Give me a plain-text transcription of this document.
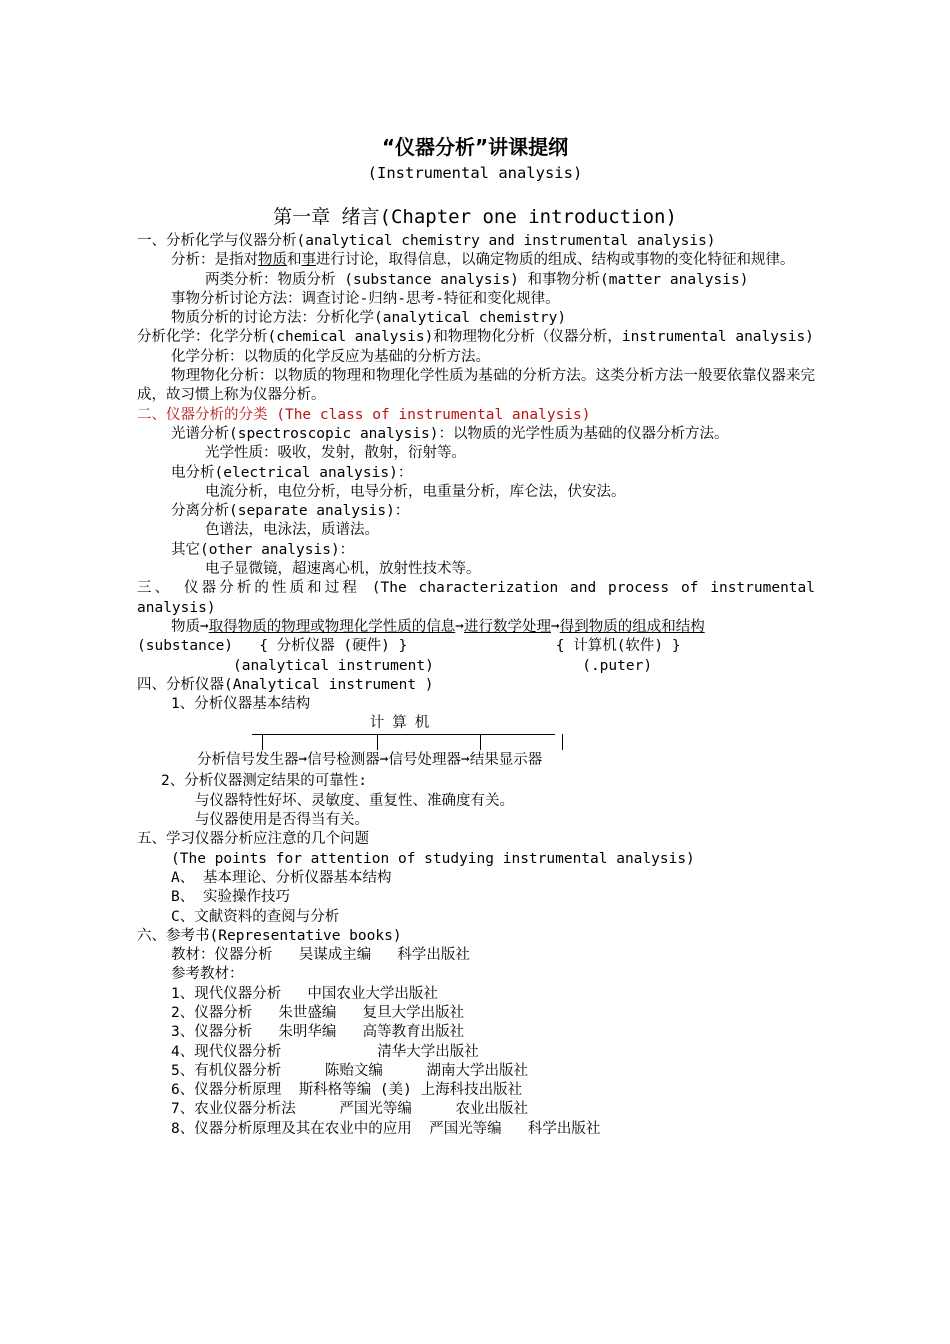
“仪器分析”讲课提纲
(Instrumental analysis)
第一章 绪言(Chapter one introduction)
一、分析化学与仪器分析(analytical chemistry and instrumental analysis)
分析：是指对物质和事进行讨论，取得信息，以确定物质的组成、结构或事物的变化特征和规律。
两类分析：物质分析 (substance analysis) 和事物分析(matter analysis)
事物分析讨论方法：调查讨论-归纳-思考-特征和变化规律。
物质分析的讨论方法：分析化学(analytical chemistry)
分析化学：化学分析(chemical analysis)和物理物化分析（仪器分析，instrumental analysis)
化学分析：以物质的化学反应为基础的分析方法。
物理物化分析：以物质的物理和物理化学性质为基础的分析方法。这类分析方法一般要依靠仪器来完成，故习惯上称为仪器分析。
二、仪器分析的分类 (The class of instrumental analysis)
光谱分析(spectroscopic analysis)：以物质的光学性质为基础的仪器分析方法。
光学性质：吸收，发射，散射，衍射等。
电分析(electrical analysis)：
电流分析，电位分析，电导分析，电重量分析，库仑法，伏安法。
分离分析(separate analysis)：
色谱法，电泳法，质谱法。
其它(other analysis)：
电子显微镜，超速离心机，放射性技术等。
三、 仪器分析的性质和过程 (The characterization and process of instrumental analysis)
物质➞取得物质的物理或物理化学性质的信息➞进行数学处理➞得到物质的组成和结构
(substance)   { 分析仪器 (硬件) }                 { 计算机(软件) }
(analytical instrument)                 (.puter)
四、分析仪器(Analytical instrument )
1、分析仪器基本结构
计算机
分析信号发生器➞信号检测器➞信号处理器➞结果显示器
2、分析仪器测定结果的可靠性:
与仪器特性好坏、灵敏度、重复性、准确度有关。
与仪器使用是否得当有关。
五、学习仪器分析应注意的几个问题
(The points for attention of studying instrumental analysis)
A、 基本理论、分析仪器基本结构
B、 实验操作技巧
C、文献资料的查阅与分析
六、参考书(Representative books)
教材：仪器分析   吴谋成主编   科学出版社
参考教材：
1、现代仪器分析   中国农业大学出版社
2、仪器分析   朱世盛编   复旦大学出版社
3、仪器分析   朱明华编   高等教育出版社
4、现代仪器分析           清华大学出版社
5、有机仪器分析     陈贻文编     湖南大学出版社
6、仪器分析原理  斯科格等编 (美) 上海科技出版社
7、农业仪器分析法     严国光等编     农业出版社
8、仪器分析原理及其在农业中的应用  严国光等编   科学出版社
